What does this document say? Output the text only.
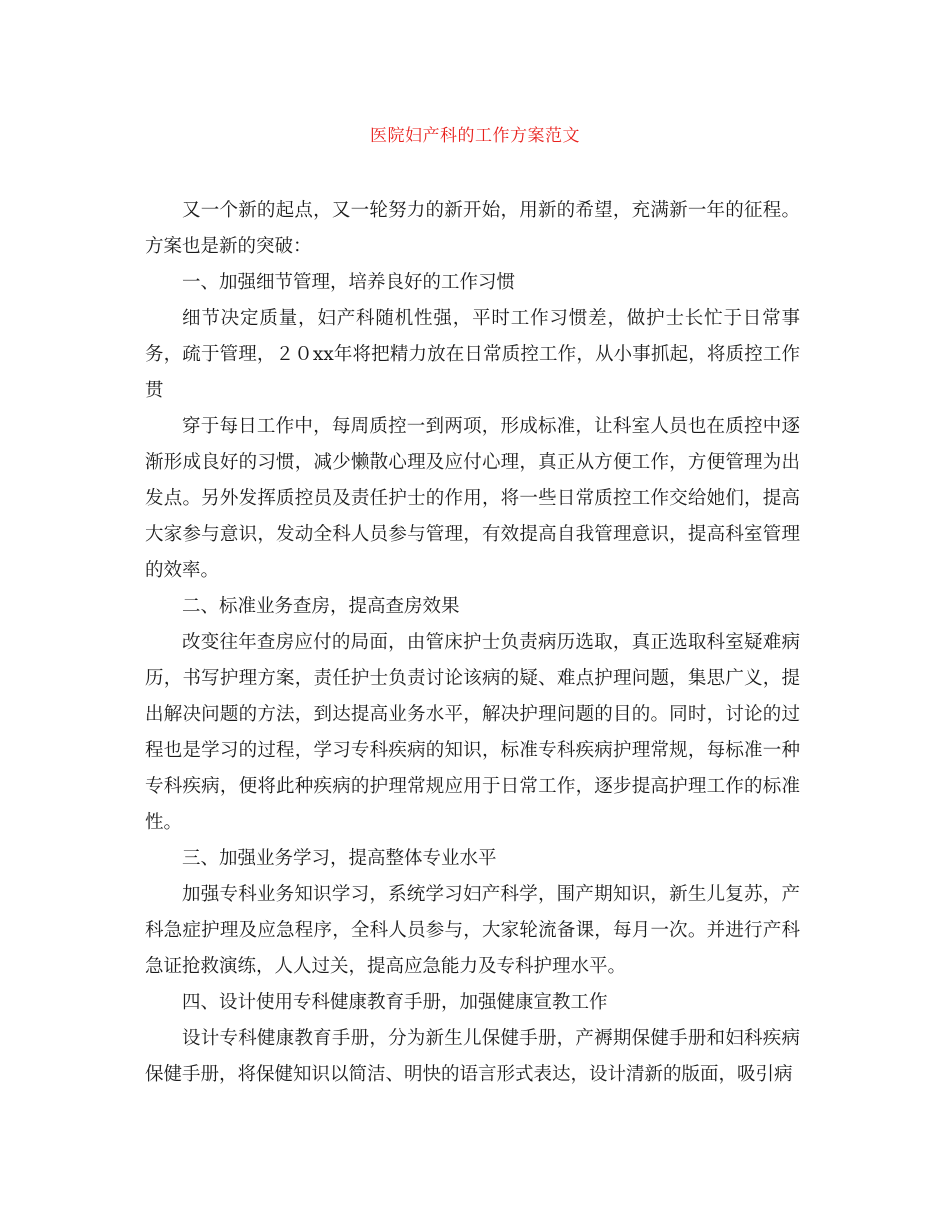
医院妇产科的工作方案范文

又一个新的起点，又一轮努力的新开始，用新的希望，充满新一年的征程。方案也是新的突破：

一、加强细节管理，培养良好的工作习惯

细节决定质量，妇产科随机性强，平时工作习惯差，做护士长忙于日常事务，疏于管理，２０xx年将把精力放在日常质控工作，从小事抓起，将质控工作贯

穿于每日工作中，每周质控一到两项，形成标准，让科室人员也在质控中逐渐形成良好的习惯，减少懒散心理及应付心理，真正从方便工作，方便管理为出发点。另外发挥质控员及责任护士的作用，将一些日常质控工作交给她们，提高大家参与意识，发动全科人员参与管理，有效提高自我管理意识，提高科室管理的效率。

二、标准业务查房，提高查房效果

改变往年查房应付的局面，由管床护士负责病历选取，真正选取科室疑难病历，书写护理方案，责任护士负责讨论该病的疑、难点护理问题，集思广义，提出解决问题的方法，到达提高业务水平，解决护理问题的目的。同时，讨论的过程也是学习的过程，学习专科疾病的知识，标准专科疾病护理常规，每标准一种专科疾病，便将此种疾病的护理常规应用于日常工作，逐步提高护理工作的标准性。

三、加强业务学习，提高整体专业水平

加强专科业务知识学习，系统学习妇产科学，围产期知识，新生儿复苏，产科急症护理及应急程序，全科人员参与，大家轮流备课，每月一次。并进行产科急证抢救演练，人人过关，提高应急能力及专科护理水平。

四、设计使用专科健康教育手册，加强健康宣教工作

设计专科健康教育手册，分为新生儿保健手册，产褥期保健手册和妇科疾病保健手册，将保健知识以简洁、明快的语言形式表达，设计清新的版面，吸引病
